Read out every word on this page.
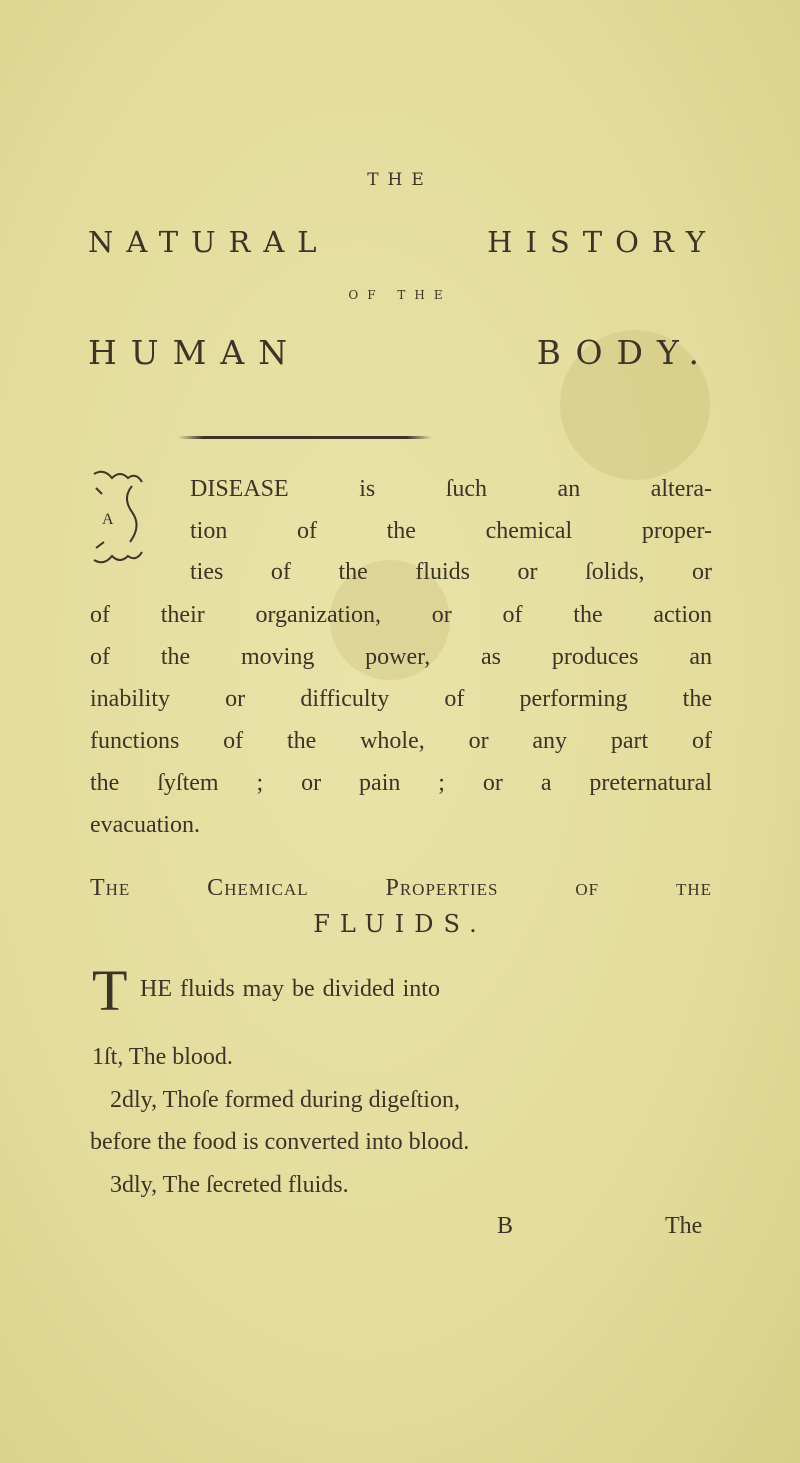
THE
NATURAL HISTORY
OF THE
HUMAN BODY.
A
DISEASE is ſuch an altera-
tion of the chemical proper-
ties of the fluids or ſolids, or
of their organization, or of the action
of the moving power, as produces an
inability or difficulty of performing the
functions of the whole, or any part of
the ſyſtem ; or pain ; or a preternatural
evacuation.
The Chemical Properties of the
FLUIDS.
T HE fluids may be divided into
1ſt, The blood.
2dly, Thoſe formed during digeſtion,
before the food is converted into blood.
3dly, The ſecreted fluids.
B	The
